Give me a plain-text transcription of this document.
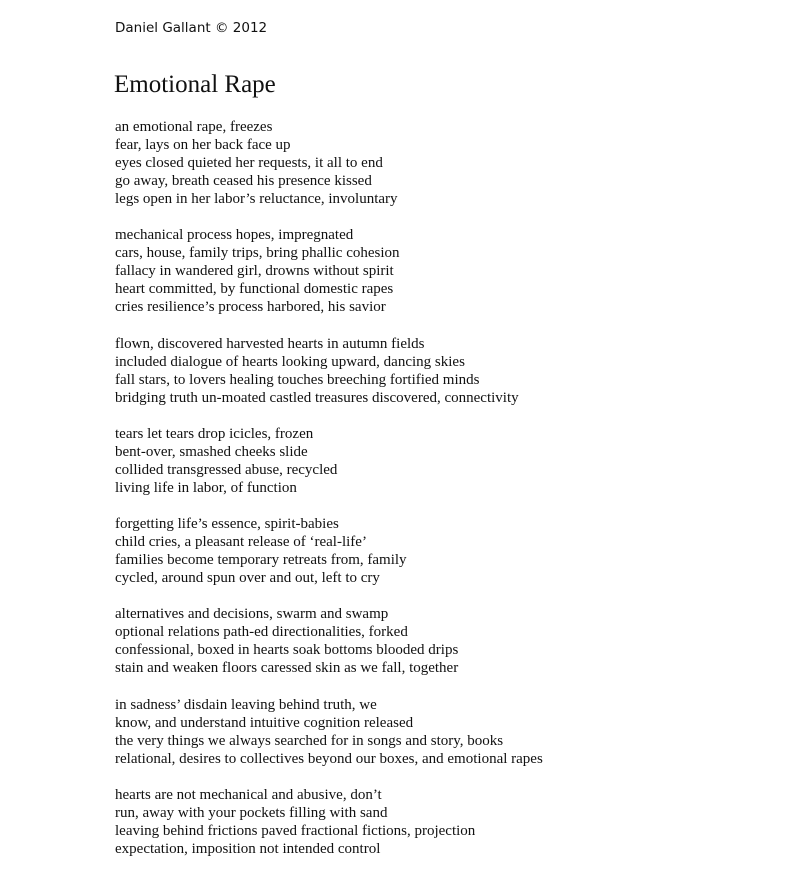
Daniel Gallant © 2012
Emotional Rape
an emotional rape, freezes
fear, lays on her back face up
eyes closed quieted her requests, it all to end
go away, breath ceased his presence kissed
legs open in her labor’s reluctance, involuntary
mechanical process hopes, impregnated
cars, house, family trips, bring phallic cohesion
fallacy in wandered girl, drowns without spirit
heart committed, by functional domestic rapes
cries resilience’s process harbored, his savior
flown, discovered harvested hearts in autumn fields
included dialogue of hearts looking upward, dancing skies
fall stars, to lovers healing touches breeching fortified minds
bridging truth un-moated castled treasures discovered, connectivity
tears let tears drop icicles, frozen
bent-over, smashed cheeks slide
collided transgressed abuse, recycled
living life in labor, of function
forgetting life’s essence, spirit-babies
child cries, a pleasant release of ‘real-life’
families become temporary retreats from, family
cycled, around spun over and out, left to cry
alternatives and decisions, swarm and swamp
optional relations path-ed directionalities, forked
confessional, boxed in hearts soak bottoms blooded drips
stain and weaken floors caressed skin as we fall, together
in sadness’ disdain leaving behind truth, we
know, and understand intuitive cognition released
the very things we always searched for in songs and story, books
relational, desires to collectives beyond our boxes, and emotional rapes
hearts are not mechanical and abusive, don’t
run, away with your pockets filling with sand
leaving behind frictions paved fractional fictions, projection
expectation, imposition not intended control
